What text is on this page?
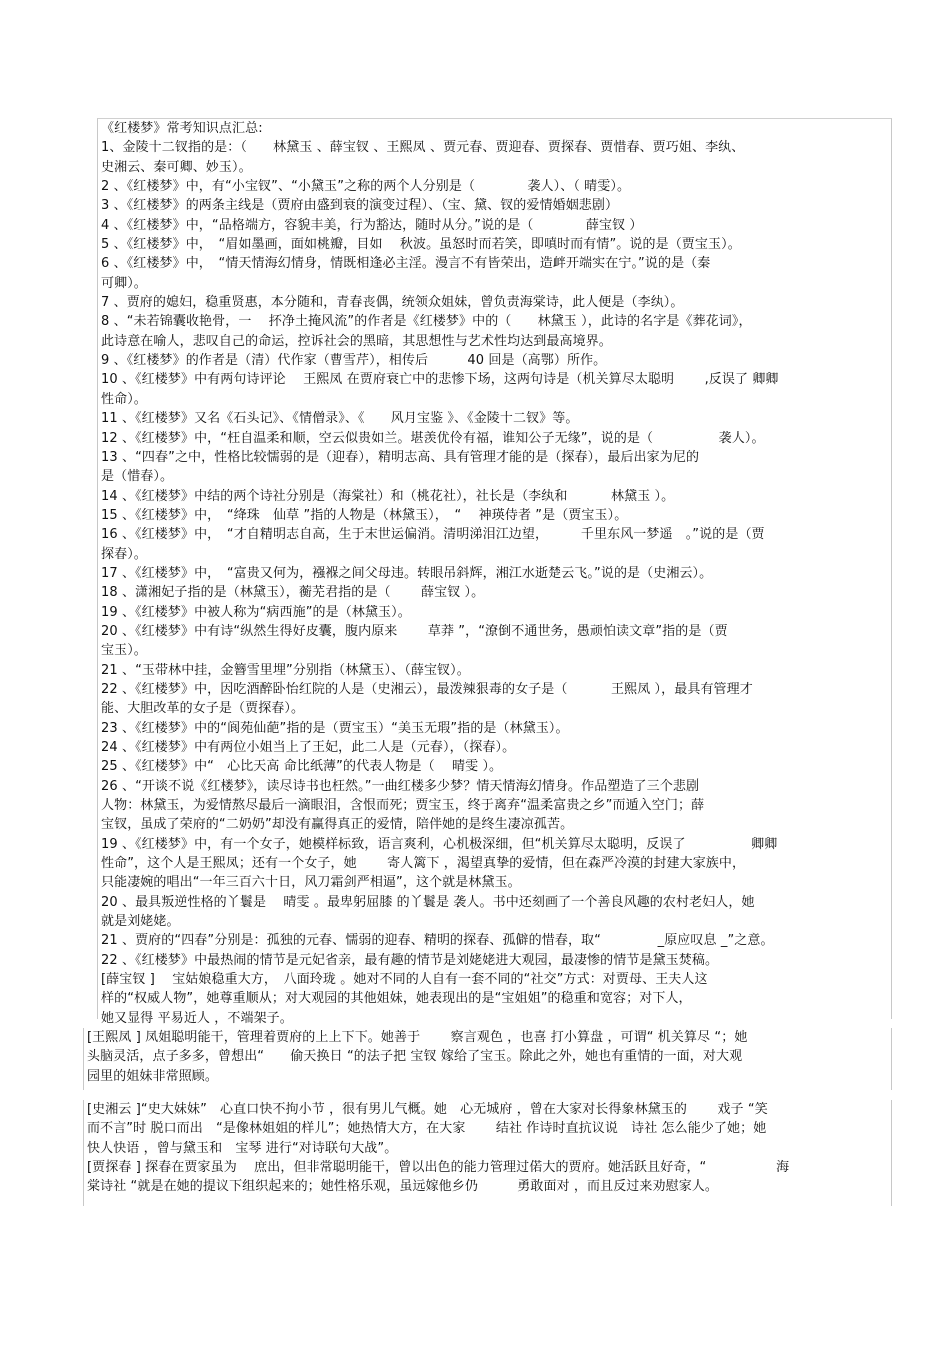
《红楼梦》常考知识点汇总:

1、金陵十二钗指的是：（　　林黛玉 、薛宝钗 、王熙凤 、贾元春、贾迎春、贾探春、贾惜春、贾巧姐、李纨、

史湘云、秦可卿、妙玉）。

2 、《红楼梦》中，有“小宝钗”、“小黛玉”之称的两个人分别是（　　　　袭人）、（ 晴雯）。

3 、《红楼梦》的两条主线是（贾府由盛到衰的演变过程）、（宝、黛、钗的爱情婚姻悲剧）

4 、《红楼梦》中，“品格端方，容貌丰美，行为豁达，随时从分。”说的是（　　　　薛宝钗 ）

5 、《红楼梦》中，　“眉如墨画，面如桃瓣，目如　 秋波。虽怒时而若笑，即嗔时而有情”。说的是（贾宝玉）。

6 、《红楼梦》中，　“情天情海幻情身，情既相逢必主淫。漫言不有皆荣出，造衅开端实在宁。”说的是（秦

可卿）。

7 、贾府的媳妇，稳重贤惠，本分随和，青春丧偶，统领众姐妹，曾负责海棠诗，此人便是（李纨）。

8 、“未若锦囊收艳骨，一　 抔净土掩风流”的作者是《红楼梦》中的（　　林黛玉 ），此诗的名字是《葬花词》，

此诗意在喻人，悲叹自己的命运，控诉社会的黑暗，其思想性与艺术性均达到最高境界。

9 、《红楼梦》的作者是（清）代作家（曹雪芹），相传后　　　40 回是（高鄂）所作。

10 、《红楼梦》中有两句诗评论　 王熙凤 在贾府衰亡中的悲惨下场，这两句诗是（机关算尽太聪明　　 ,反误了 卿卿

性命）。

11 、《红楼梦》又名《石头记》、《情僧录》、《　　风月宝鉴 》、《金陵十二钗》等。

12 、《红楼梦》中，“枉自温柔和顺，空云似贵如兰。堪羡优伶有福，谁知公子无缘”，说的是（　　　　　袭人）。

13 、“四春”之中，性格比较懦弱的是（迎春），精明志高、具有管理才能的是（探春），最后出家为尼的

是（惜春）。

14 、《红楼梦》中结的两个诗社分别是（海棠社）和（桃花社），社长是（李纨和　　　 林黛玉 ）。

15 、《红楼梦》中，　“绛珠　仙草 ”指的人物是（林黛玉），　“　 神瑛侍者 ”是（贾宝玉）。

16 、《红楼梦》中，　“才自精明志自高，生于末世运偏消。清明涕泪江边望，　　　千里东风一梦遥　。”说的是（贾

探春）。

17 、《红楼梦》中，　“富贵又何为，襁褓之间父母违。转眼吊斜辉，湘江水逝楚云飞。”说的是（史湘云）。

18 、潇湘妃子指的是（林黛玉），蘅芜君指的是（　　 薛宝钗 ）。

19 、《红楼梦》中被人称为“病西施”的是（林黛玉）。

20 、《红楼梦》中有诗“纵然生得好皮囊，腹内原来　　 草莽 ”，“潦倒不通世务，愚顽怕读文章”指的是（贾

宝玉）。

21 、“玉带林中挂，金簪雪里埋”分别指（林黛玉）、（薛宝钗）。

22 、《红楼梦》中，因吃酒醉卧怡红院的人是（史湘云），最泼辣狠毒的女子是（　　　 王熙凤 ），最具有管理才

能、大胆改革的女子是（贾探春）。

23 、《红楼梦》中的“阆苑仙葩”指的是（贾宝玉）“美玉无瑕”指的是（林黛玉）。

24 、《红楼梦》中有两位小姐当上了王妃，此二人是（元春），（探春）。

25 、《红楼梦》中“　心比天高 命比纸薄”的代表人物是（　 晴雯 ）。

26 、“开谈不说《红楼梦》，读尽诗书也枉然。”一曲红楼多少梦？情天情海幻情身。作品塑造了三个悲剧

人物：林黛玉，为爱情熬尽最后一滴眼泪，含恨而死；贾宝玉，终于离弃“温柔富贵之乡”而遁入空门；薛

宝钗，虽成了荣府的“二奶奶”却没有赢得真正的爱情，陪伴她的是终生凄凉孤苦。

19 、《红楼梦》中，有一个女子，她模样标致，语言爽利，心机极深细，但“机关算尽太聪明，反误了　　　　　卿卿

性命”，这个人是王熙凤；还有一个女子，她　　 寄人篱下 ，渴望真挚的爱情，但在森严冷漠的封建大家族中，

只能凄婉的唱出“一年三百六十日，风刀霜剑严相逼”，这个就是林黛玉。

20 、最具叛逆性格的丫鬟是　 晴雯 。最卑躬屈膝 的丫鬟是 袭人。书中还刻画了一个善良风趣的农村老妇人，她

就是刘姥姥。

21 、贾府的“四春”分别是：孤独的元春、懦弱的迎春、精明的探春、孤僻的惜春，取“　　　　 _原应叹息 _”之意。

22 、《红楼梦》中最热闹的情节是元妃省亲，最有趣的情节是刘姥姥进大观园，最凄惨的情节是黛玉焚稿。

[薛宝钗 ]　 宝姑娘稳重大方，　八面玲珑 。她对不同的人自有一套不同的“社交”方式：对贾母、王夫人这

样的“权威人物”，她尊重顺从；对大观园的其他姐妹，她表现出的是“宝姐姐”的稳重和宽容；对下人，

她又显得 平易近人 ，不端架子。

[王熙凤 ] 凤姐聪明能干，管理着贾府的上上下下。她善于　　 察言观色 ，也喜 打小算盘 ，可谓“ 机关算尽 “；她

头脑灵活，点子多多，曾想出“　　偷天换日 “的法子把 宝钗 嫁给了宝玉。除此之外，她也有重情的一面，对大观

园里的姐妹非常照顾。

[史湘云 ]“史大妹妹”　心直口快不拘小节 ，很有男儿气概。她　心无城府 ，曾在大家对长得象林黛玉的　　 戏子 “笑

而不言”时 脱口而出　“是像林姐姐的样儿”；她热情大方，在大家　　 结社 作诗时直抗议说　诗社 怎么能少了她；她

快人快语 ，曾与黛玉和　宝琴 进行“对诗联句大战”。

[贾探春 ] 探春在贾家虽为　 庶出，但非常聪明能干，曾以出色的能力管理过偌大的贾府。她活跃且好奇，“　　　　　 海

棠诗社 “就是在她的提议下组织起来的；她性格乐观，虽远嫁他乡仍　　　勇敢面对 ，而且反过来劝慰家人。
